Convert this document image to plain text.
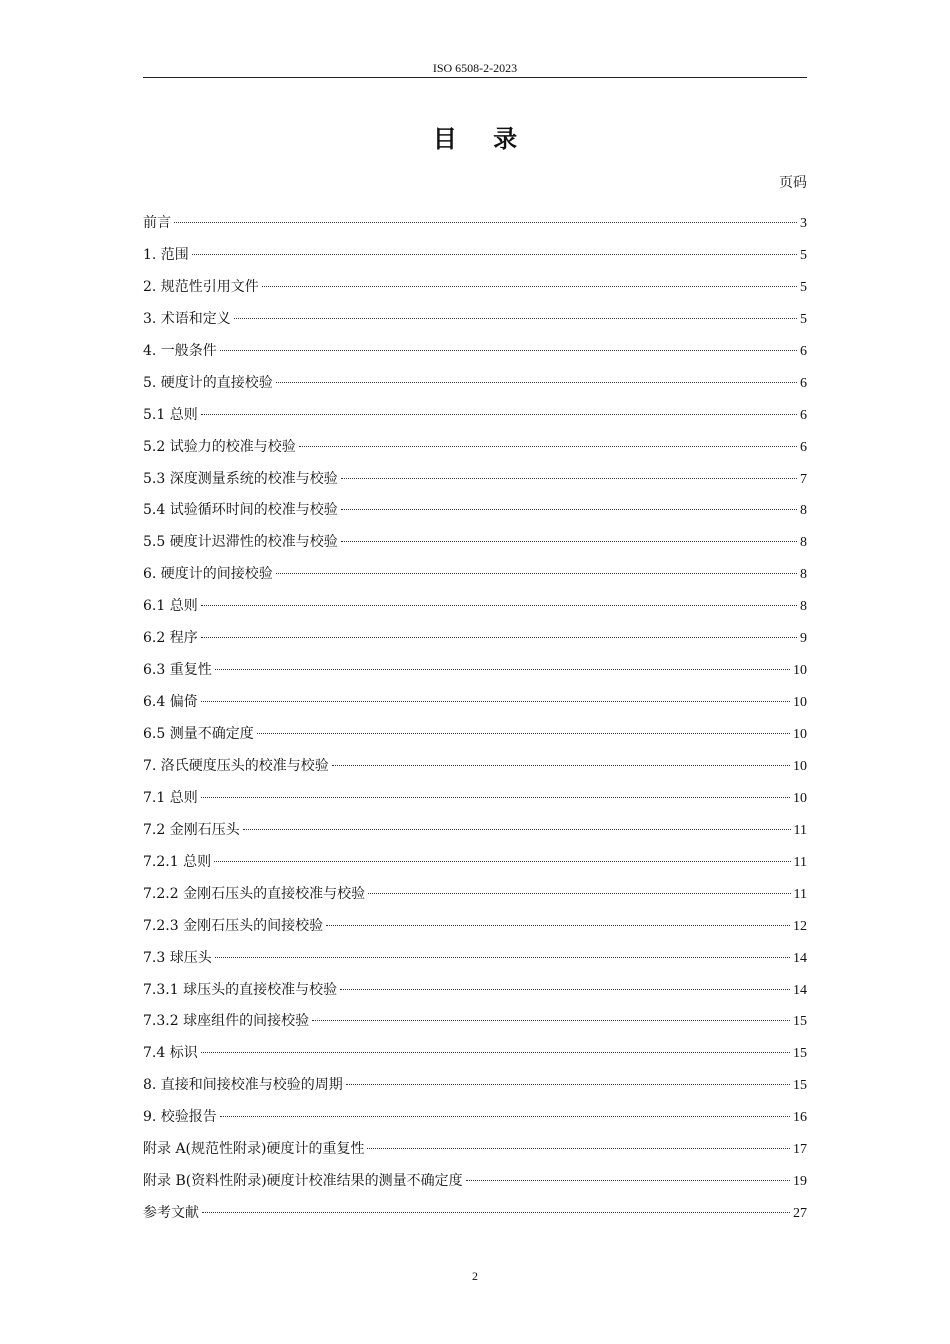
ISO 6508-2-2023
目 录
页码
前言	3
1. 范围	5
2. 规范性引用文件	5
3. 术语和定义	5
4. 一般条件	6
5. 硬度计的直接校验	6
5.1 总则	6
5.2 试验力的校准与校验	6
5.3 深度测量系统的校准与校验	7
5.4 试验循环时间的校准与校验	8
5.5 硬度计迟滞性的校准与校验	8
6. 硬度计的间接校验	8
6.1 总则	8
6.2 程序	9
6.3 重复性	10
6.4 偏倚	10
6.5 测量不确定度	10
7. 洛氏硬度压头的校准与校验	10
7.1 总则	10
7.2 金刚石压头	11
7.2.1 总则	11
7.2.2 金刚石压头的直接校准与校验	11
7.2.3 金刚石压头的间接校验	12
7.3 球压头	14
7.3.1 球压头的直接校准与校验	14
7.3.2 球座组件的间接校验	15
7.4 标识	15
8. 直接和间接校准与校验的周期	15
9. 校验报告	16
附录 A(规范性附录)硬度计的重复性	17
附录 B(资料性附录)硬度计校准结果的测量不确定度	19
参考文献	27
2
